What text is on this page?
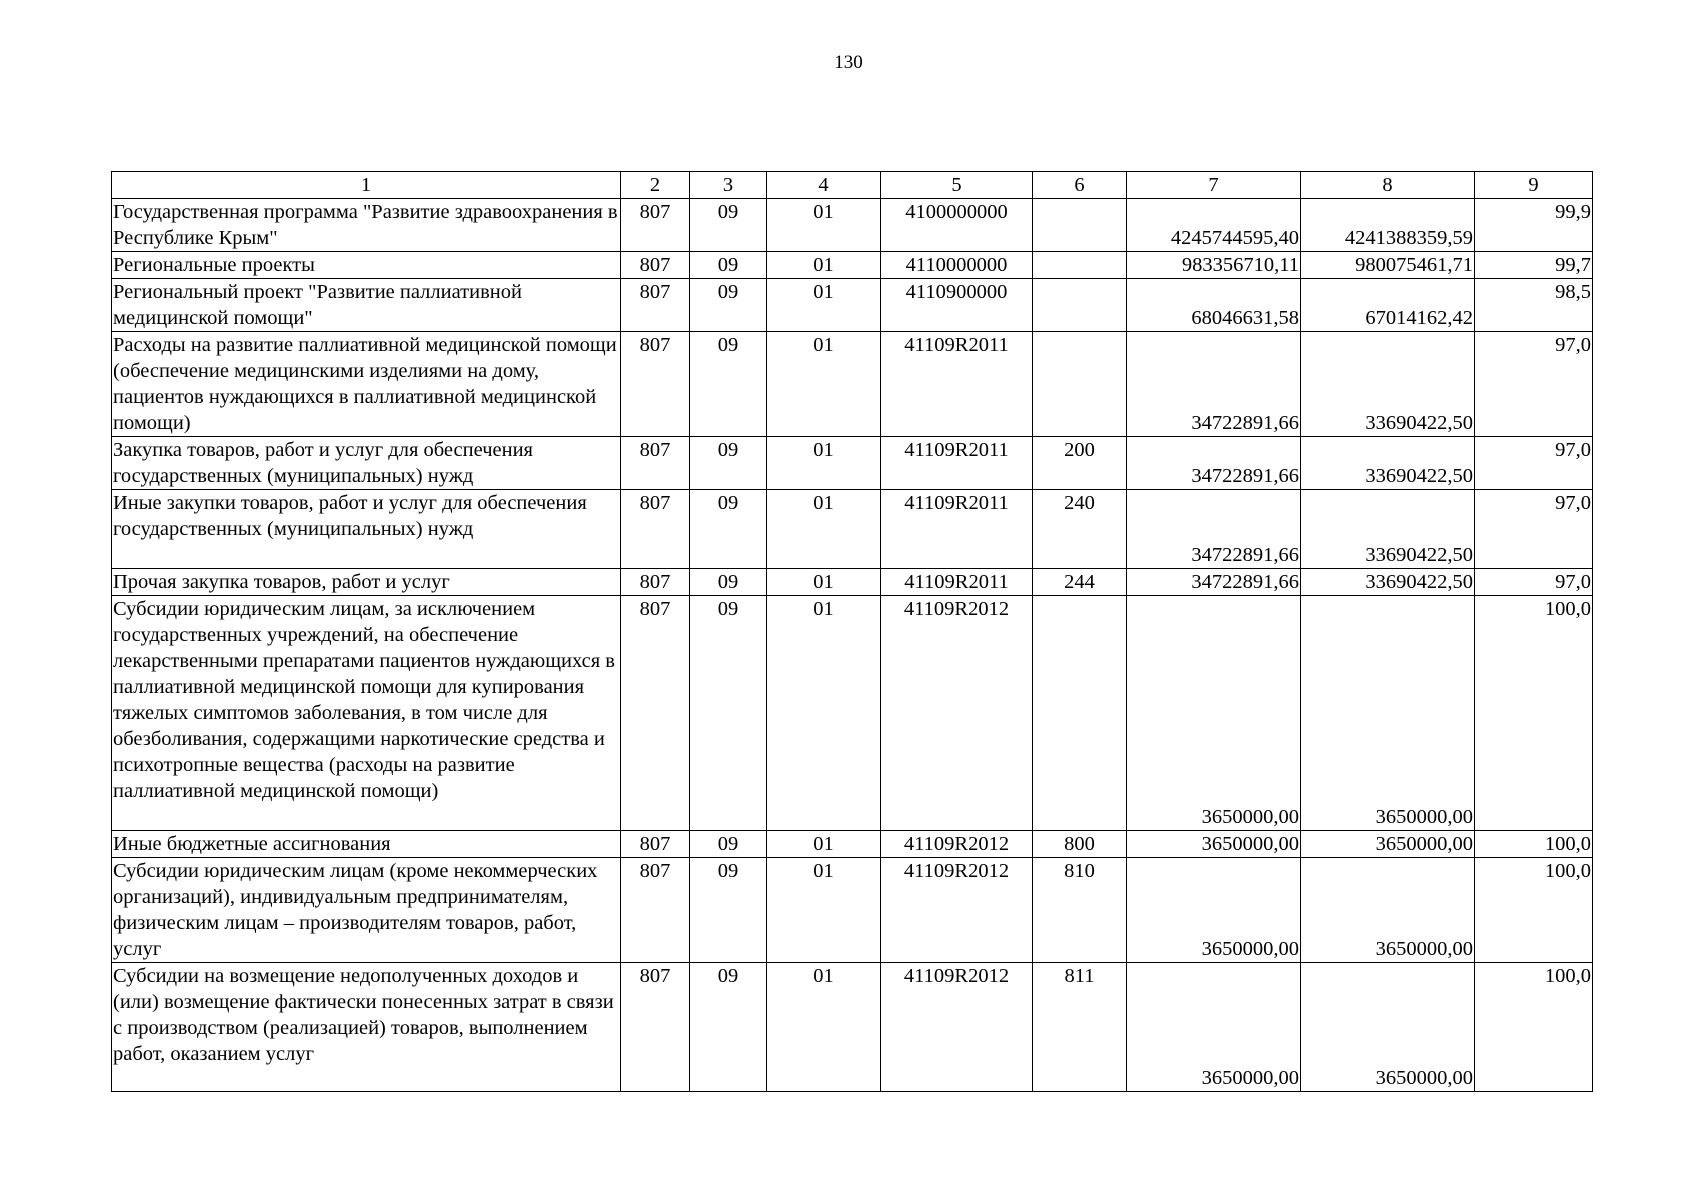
130
1	2	3	4	5	6	7	8	9
Государственная программа "Развитие здравоохранения в Республике Крым"	807	09	01	4100000000		4245744595,40	4241388359,59	99,9
Региональные проекты	807	09	01	4110000000		983356710,11	980075461,71	99,7
Региональный проект "Развитие паллиативной медицинской помощи"	807	09	01	4110900000		68046631,58	67014162,42	98,5
Расходы на развитие паллиативной медицинской помощи (обеспечение медицинскими изделиями на дому, пациентов нуждающихся в паллиативной медицинской помощи)	807	09	01	41109R2011		34722891,66	33690422,50	97,0
Закупка товаров, работ и услуг для обеспечения государственных (муниципальных) нужд	807	09	01	41109R2011	200	34722891,66	33690422,50	97,0
Иные закупки товаров, работ и услуг для обеспечения государственных (муниципальных) нужд	807	09	01	41109R2011	240	34722891,66	33690422,50	97,0
Прочая закупка товаров, работ и услуг	807	09	01	41109R2011	244	34722891,66	33690422,50	97,0
Субсидии юридическим лицам, за исключением государственных учреждений, на обеспечение лекарственными препаратами пациентов нуждающихся в паллиативной медицинской помощи для купирования тяжелых симптомов заболевания, в том числе для обезболивания, содержащими наркотические средства и психотропные вещества (расходы на развитие паллиативной медицинской помощи)	807	09	01	41109R2012		3650000,00	3650000,00	100,0
Иные бюджетные ассигнования	807	09	01	41109R2012	800	3650000,00	3650000,00	100,0
Субсидии юридическим лицам (кроме некоммерческих организаций), индивидуальным предпринимателям, физическим лицам – производителям товаров, работ, услуг	807	09	01	41109R2012	810	3650000,00	3650000,00	100,0
Субсидии на возмещение недополученных доходов и (или) возмещение фактически понесенных затрат в связи с производством (реализацией) товаров, выполнением работ, оказанием услуг	807	09	01	41109R2012	811	3650000,00	3650000,00	100,0
